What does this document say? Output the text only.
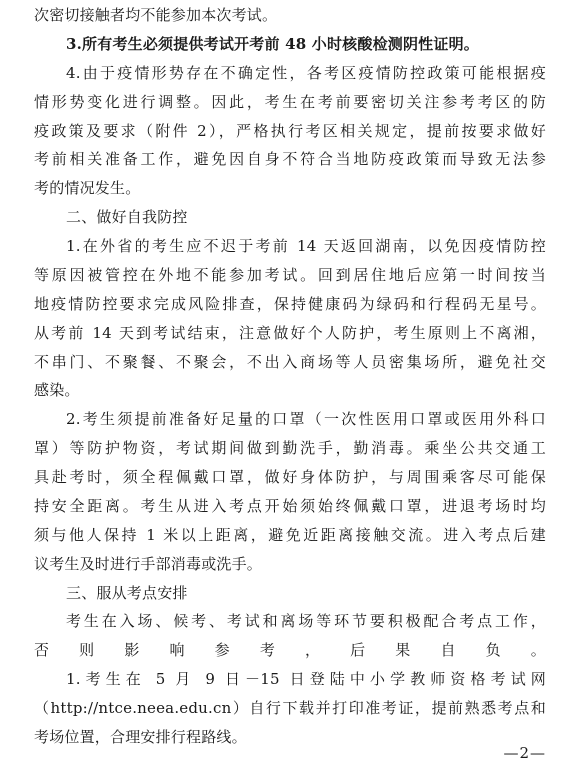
次密切接触者均不能参加本次考试。
3.所有考生必须提供考试开考前 48 小时核酸检测阴性证明。
4.由于疫情形势存在不确定性，各考区疫情防控政策可能根据疫
情形势变化进行调整。因此，考生在考前要密切关注参考考区的防
疫政策及要求（附件 2），严格执行考区相关规定，提前按要求做好
考前相关准备工作，避免因自身不符合当地防疫政策而导致无法参
考的情况发生。
二、做好自我防控
1.在外省的考生应不迟于考前 14 天返回湖南，以免因疫情防控
等原因被管控在外地不能参加考试。回到居住地后应第一时间按当
地疫情防控要求完成风险排查，保持健康码为绿码和行程码无星号。
从考前 14 天到考试结束，注意做好个人防护，考生原则上不离湘，
不串门、不聚餐、不聚会，不出入商场等人员密集场所，避免社交
感染。
2.考生须提前准备好足量的口罩（一次性医用口罩或医用外科口
罩）等防护物资，考试期间做到勤洗手，勤消毒。乘坐公共交通工
具赴考时，须全程佩戴口罩，做好身体防护，与周围乘客尽可能保
持安全距离。考生从进入考点开始须始终佩戴口罩，进退考场时均
须与他人保持 1 米以上距离，避免近距离接触交流。进入考点后建
议考生及时进行手部消毒或洗手。
三、服从考点安排
考生在入场、候考、考试和离场等环节要积极配合考点工作，
否则影响参考，后果自负。
1.考生在 5 月 9 日－15 日登陆中小学教师资格考试网
（http://ntce.neea.edu.cn）自行下载并打印准考证，提前熟悉考点和
考场位置，合理安排行程路线。
—2—
